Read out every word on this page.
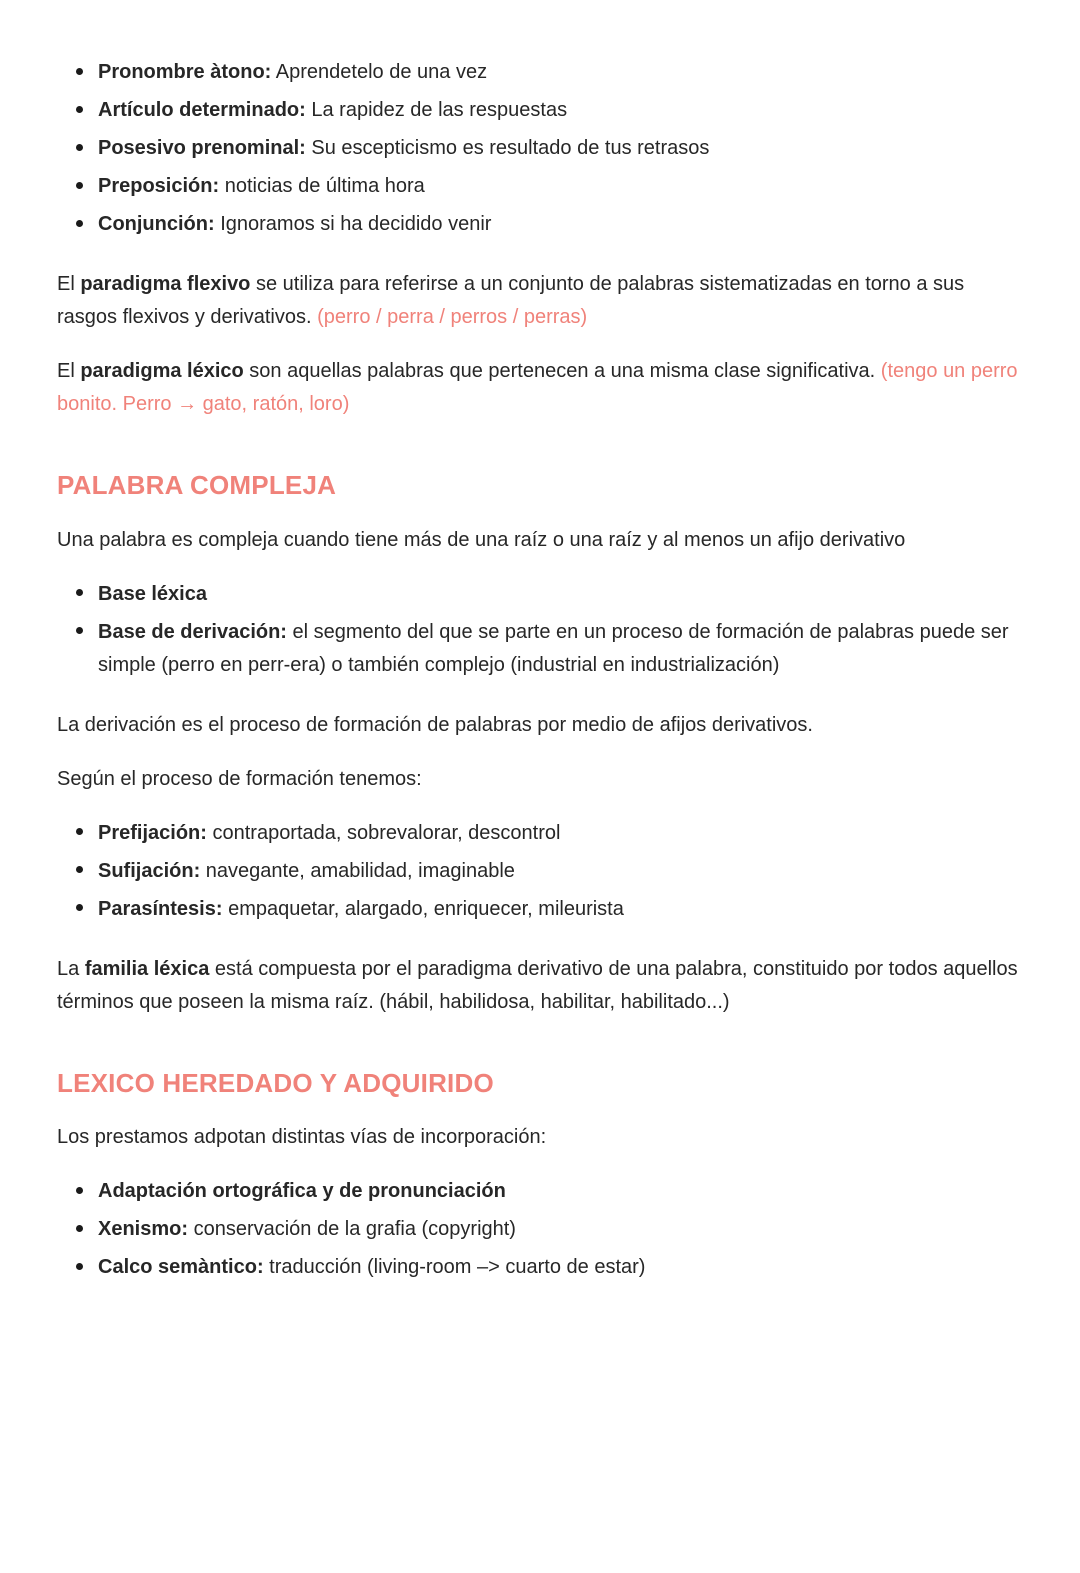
Pronombre àtono: Aprendetelo de una vez
Artículo determinado: La rapidez de las respuestas
Posesivo prenominal: Su escepticismo es resultado de tus retrasos
Preposición: noticias de última hora
Conjunción: Ignoramos si ha decidido venir

El paradigma flexivo se utiliza para referirse a un conjunto de palabras sistematizadas en torno a sus rasgos flexivos y derivativos. (perro / perra / perros / perras)

El paradigma léxico son aquellas palabras que pertenecen a una misma clase significativa. (tengo un perro bonito. Perro → gato, ratón, loro)

PALABRA COMPLEJA

Una palabra es compleja cuando tiene más de una raíz o una raíz y al menos un afijo derivativo

Base léxica
Base de derivación: el segmento del que se parte en un proceso de formación de palabras puede ser simple (perro en perr-era) o también complejo (industrial en industrialización)

La derivación es el proceso de formación de palabras por medio de afijos derivativos.

Según el proceso de formación tenemos:

Prefijación: contraportada, sobrevalorar, descontrol
Sufijación: navegante, amabilidad, imaginable
Parasíntesis: empaquetar, alargado, enriquecer, mileurista

La familia léxica está compuesta por el paradigma derivativo de una palabra, constituido por todos aquellos términos que poseen la misma raíz. (hábil, habilidosa, habilitar, habilitado...)

LEXICO HEREDADO Y ADQUIRIDO

Los prestamos adpotan distintas vías de incorporación:

Adaptación ortográfica y de pronunciación
Xenismo: conservación de la grafia (copyright)
Calco semàntico: traducción (living-room –> cuarto de estar)
